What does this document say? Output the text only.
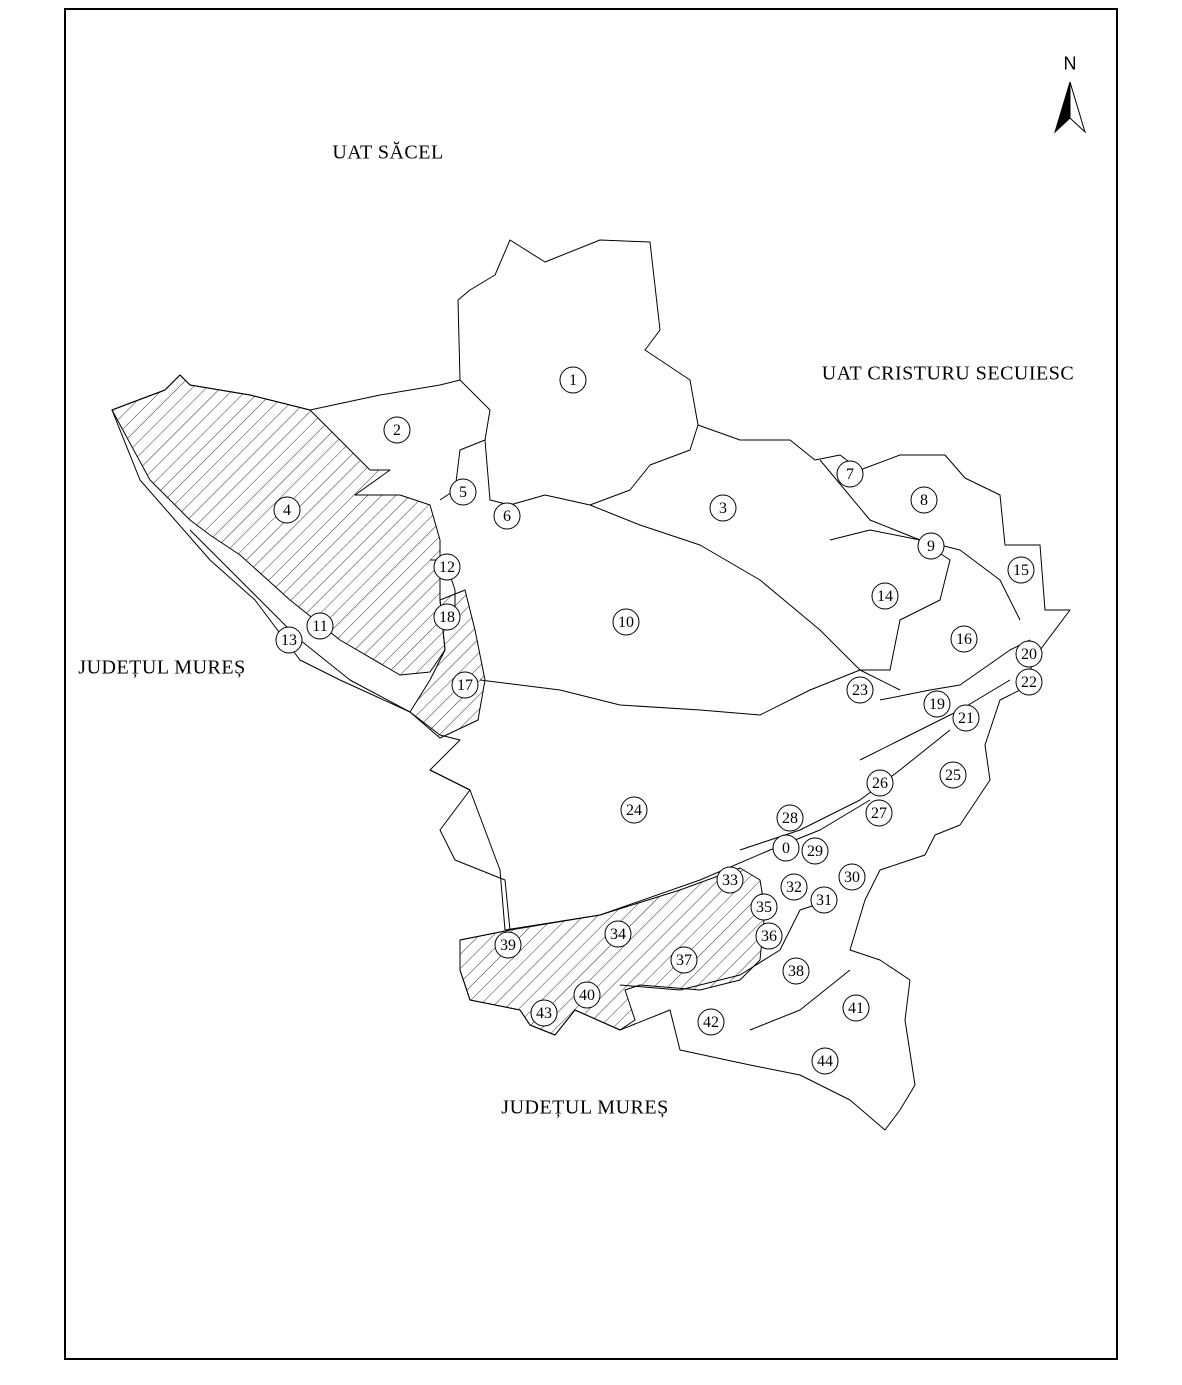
1
2
3
4
5
6
7
8
9
10
11
12
13
14
15
16
17
18
19
20
21
22
23
24
25
26
27
28
0 29
30
31
32
33
34
35
36
37
38
39
40
41
42
43
44
N
UAT SĂCEL
UAT CRISTURU SECUIESC
JUDEȚUL MUREȘ
JUDEȚUL MUREȘ
